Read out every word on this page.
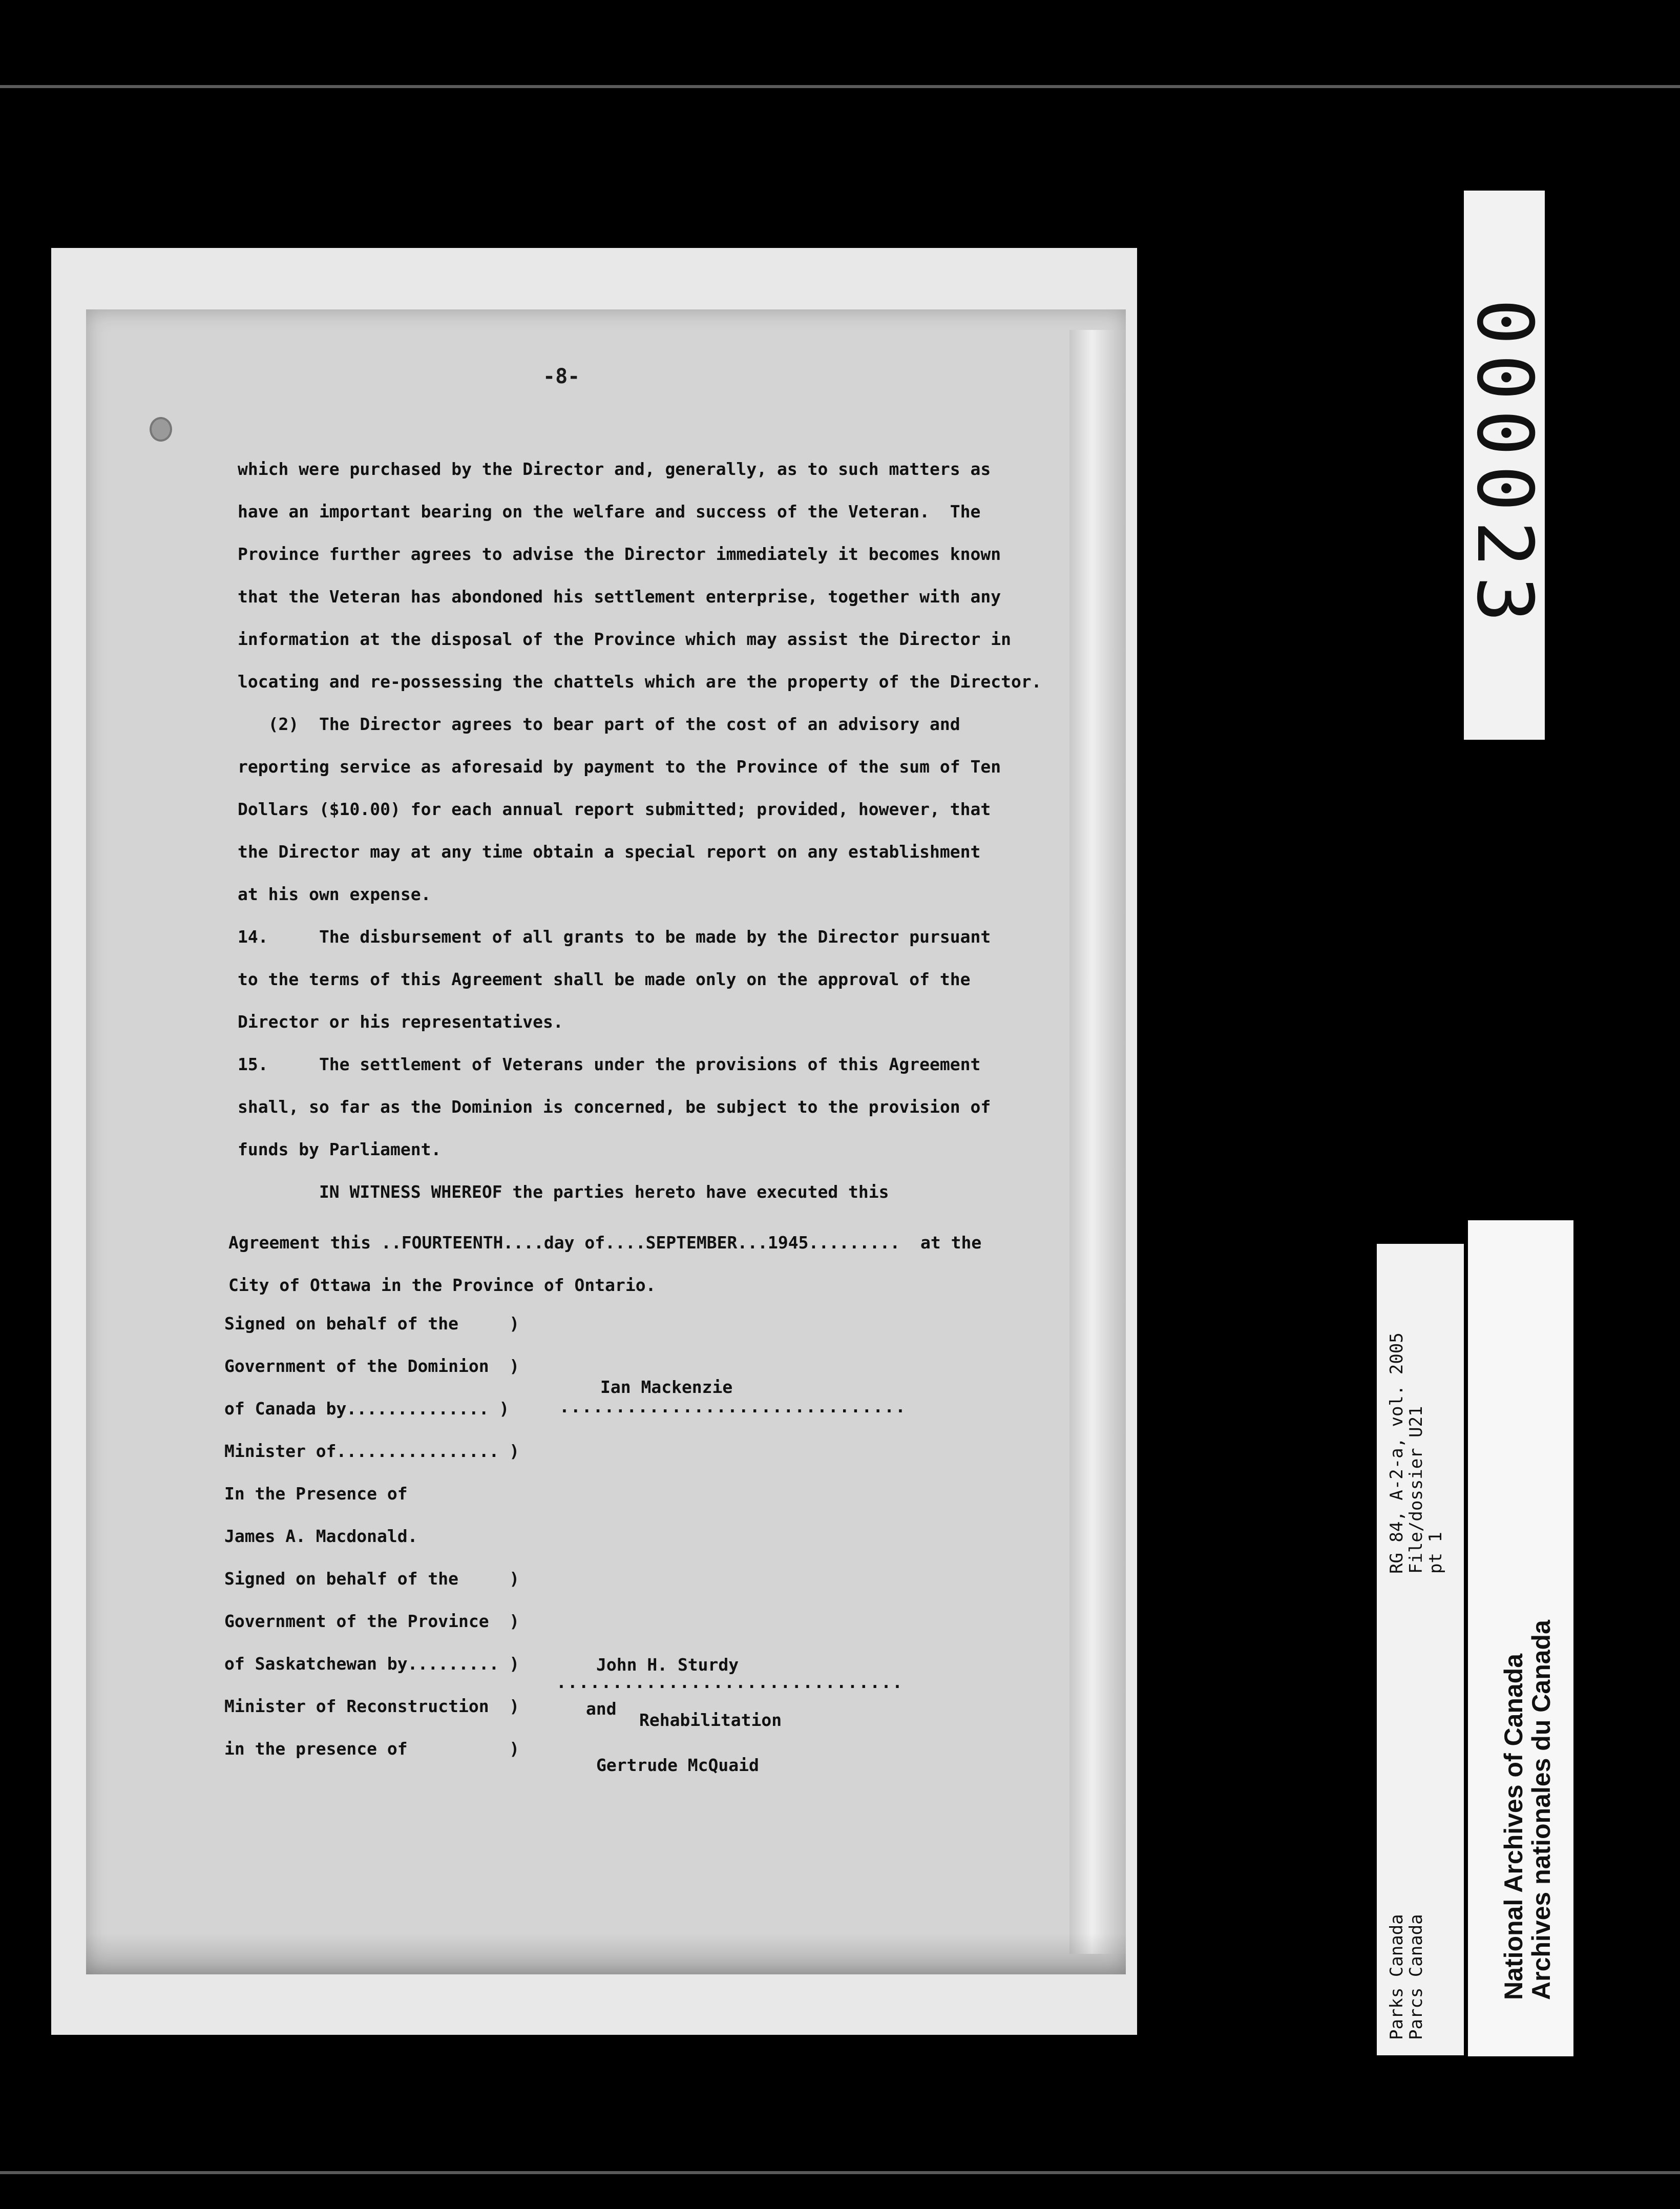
-8-
which were purchased by the Director and, generally, as to such matters as
have an important bearing on the welfare and success of the Veteran.  The
Province further agrees to advise the Director immediately it becomes known
that the Veteran has abondoned his settlement enterprise, together with any
information at the disposal of the Province which may assist the Director in
locating and re-possessing the chattels which are the property of the Director.
(2)  The Director agrees to bear part of the cost of an advisory and
reporting service as aforesaid by payment to the Province of the sum of Ten
Dollars ($10.00) for each annual report submitted; provided, however, that
the Director may at any time obtain a special report on any establishment
at his own expense.
14.     The disbursement of all grants to be made by the Director pursuant
to the terms of this Agreement shall be made only on the approval of the
Director or his representatives.
15.     The settlement of Veterans under the provisions of this Agreement
shall, so far as the Dominion is concerned, be subject to the provision of
funds by Parliament.
IN WITNESS WHEREOF the parties hereto have executed this
Agreement this ..FOURTEENTH....day of....SEPTEMBER...1945.........  at the
City of Ottawa in the Province of Ontario.
Signed on behalf of the     )
Government of the Dominion  )
of Canada by.............. )
Minister of................ )
In the Presence of
James A. Macdonald.
Signed on behalf of the     )
Government of the Province  )
of Saskatchewan by......... )
Minister of Reconstruction  )
in the presence of          )
Ian Mackenzie
...............................
John H. Sturdy
...............................
and
Rehabilitation
Gertrude McQuaid
000023
Parks Canada
Parcs Canada
RG 84, A-2-a, vol. 2005
File/dossier U21
pt 1
National Archives of Canada
Archives nationales du Canada
